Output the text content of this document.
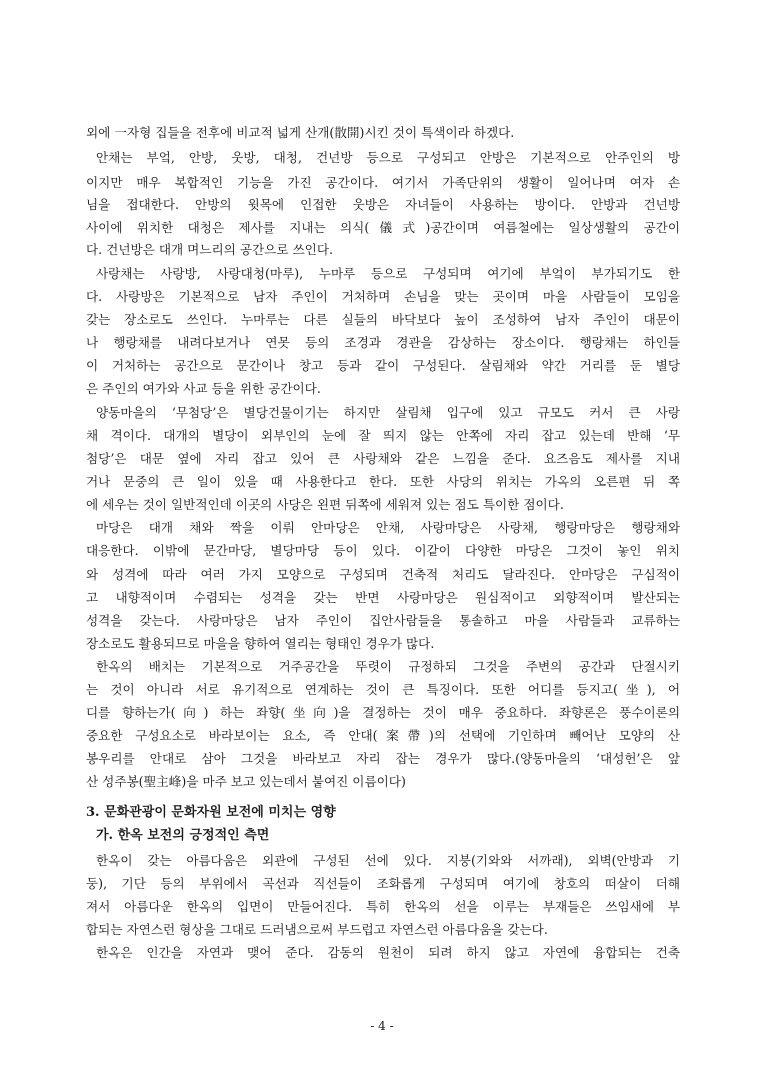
외에 一자형 집들을 전후에 비교적 넓게 산개(散開)시킨 것이 특색이라 하겠다.
안채는 부엌, 안방, 웃방, 대청, 건넌방 등으로 구성되고 안방은 기본적으로 안주인의 방
이지만 매우 복합적인 기능을 가진 공간이다. 여기서 가족단위의 생활이 일어나며 여자 손
님을 접대한다. 안방의 윗목에 인접한 웃방은 자녀들이 사용하는 방이다. 안방과 건넌방
사이에 위치한 대청은 제사를 지내는 의식(儀式)공간이며 여름철에는 일상생활의 공간이
다. 건넌방은 대개 며느리의 공간으로 쓰인다.
사랑채는 사랑방, 사랑대청(마루), 누마루 등으로 구성되며 여기에 부엌이 부가되기도 한
다. 사랑방은 기본적으로 남자 주인이 거처하며 손님을 맞는 곳이며 마을 사람들이 모임을
갖는 장소로도 쓰인다. 누마루는 다른 실들의 바닥보다 높이 조성하여 남자 주인이 대문이
나 행랑채를 내려다보거나 연못 등의 조경과 경관을 감상하는 장소이다. 행랑채는 하인들
이 거처하는 공간으로 문간이나 창고 등과 같이 구성된다. 살림채와 약간 거리를 둔 별당
은 주인의 여가와 사교 등을 위한 공간이다.
양동마을의 ‘무첨당’은 별당건물이기는 하지만 살림채 입구에 있고 규모도 커서 큰 사랑
채 격이다. 대개의 별당이 외부인의 눈에 잘 띄지 않는 안쪽에 자리 잡고 있는데 반해 ‘무
첨당’은 대문 옆에 자리 잡고 있어 큰 사랑채와 같은 느낌을 준다. 요즈음도 제사를 지내
거나 문중의 큰 일이 있을 때 사용한다고 한다. 또한 사당의 위치는 가옥의 오른편 뒤 쪽
에 세우는 것이 일반적인데 이곳의 사당은 왼편 뒤쪽에 세워져 있는 점도 특이한 점이다.
마당은 대개 채와 짝을 이뤄 안마당은 안채, 사랑마당은 사랑채, 행랑마당은 행랑채와
대응한다. 이밖에 문간마당, 별당마당 등이 있다. 이같이 다양한 마당은 그것이 놓인 위치
와 성격에 따라 여러 가지 모양으로 구성되며 건축적 처리도 달라진다. 안마당은 구심적이
고 내향적이며 수렴되는 성격을 갖는 반면 사랑마당은 원심적이고 외향적이며 발산되는
성격을 갖는다. 사랑마당은 남자 주인이 집안사람들을 통솔하고 마을 사람들과 교류하는
장소로도 활용되므로 마을을 향하여 열리는 형태인 경우가 많다.
한옥의 배치는 기본적으로 거주공간을 뚜렷이 규정하되 그것을 주변의 공간과 단절시키
는 것이 아니라 서로 유기적으로 연계하는 것이 큰 특징이다. 또한 어디를 등지고(坐), 어
디를 향하는가(向) 하는 좌향(坐向)을 결정하는 것이 매우 중요하다. 좌향론은 풍수이론의
중요한 구성요소로 바라보이는 요소, 즉 안대(案帶)의 선택에 기인하며 빼어난 모양의 산
봉우리를 안대로 삼아 그것을 바라보고 자리 잡는 경우가 많다.(양동마을의 ‘대성헌’은 앞
산 성주봉(聖主峰)을 마주 보고 있는데서 붙여진 이름이다)
3. 문화관광이 문화자원 보전에 미치는 영향
가. 한옥 보전의 긍정적인 측면
한옥이 갖는 아름다움은 외관에 구성된 선에 있다. 지붕(기와와 서까래), 외벽(안방과 기
둥), 기단 등의 부위에서 곡선과 직선들이 조화롭게 구성되며 여기에 창호의 떠살이 더해
져서 아름다운 한옥의 입면이 만들어진다. 특히 한옥의 선을 이루는 부재들은 쓰임새에 부
합되는 자연스런 형상을 그대로 드러냄으로써 부드럽고 자연스런 아름다움을 갖는다.
한옥은 인간을 자연과 맺어 준다. 감동의 원천이 되려 하지 않고 자연에 융합되는 건축
- 4 -
